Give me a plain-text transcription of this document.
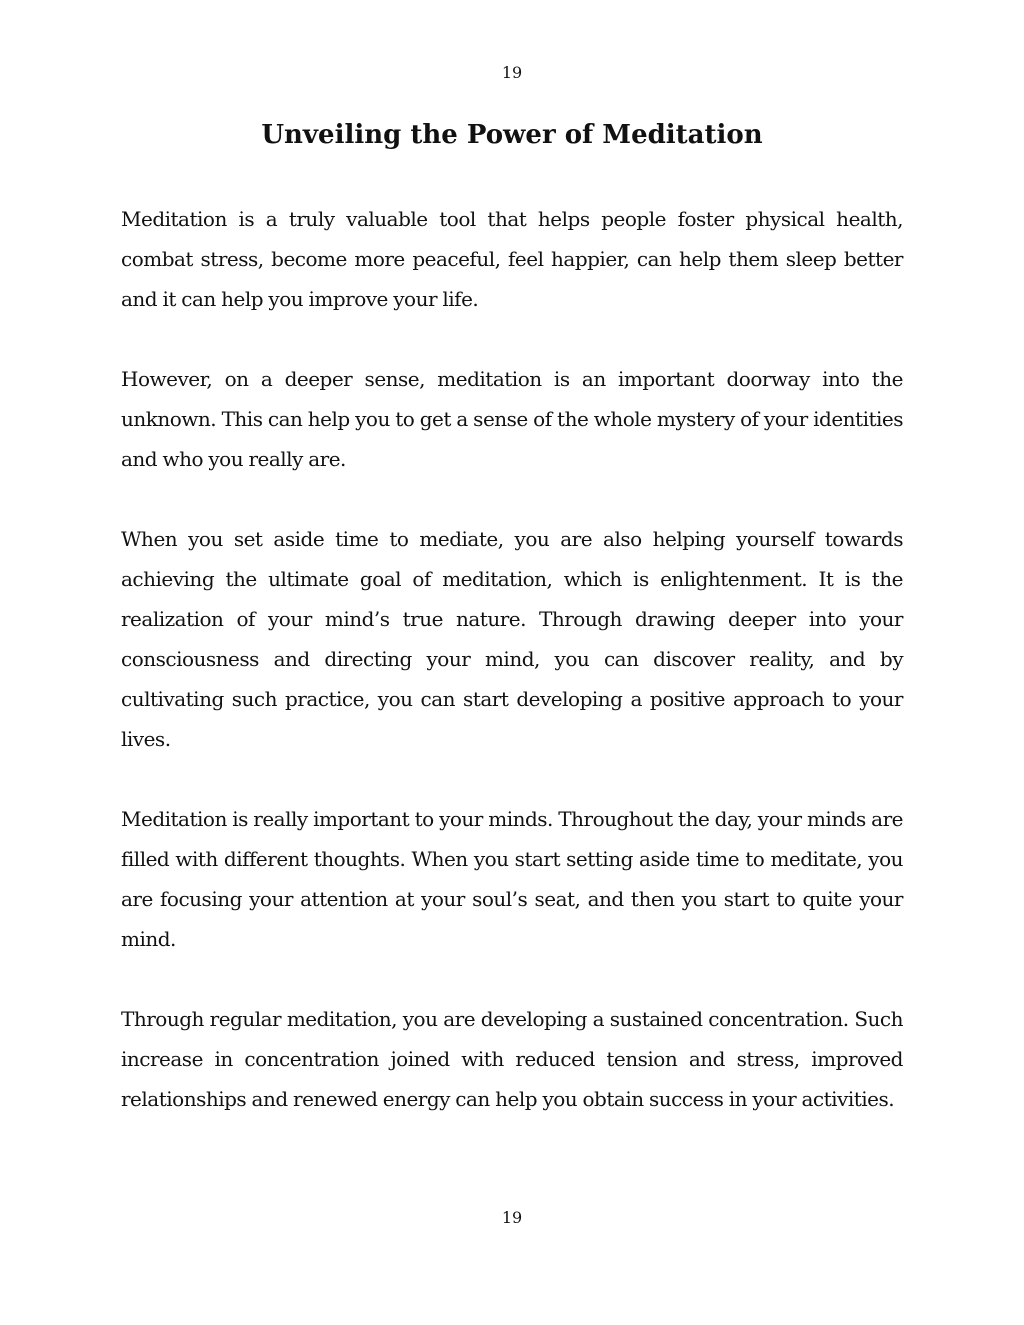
19
Unveiling the Power of Meditation

Meditation is a truly valuable tool that helps people foster physical health, combat stress, become more peaceful, feel happier, can help them sleep better and it can help you improve your life.

However, on a deeper sense, meditation is an important doorway into the unknown. This can help you to get a sense of the whole mystery of your identities and who you really are.

When you set aside time to mediate, you are also helping yourself towards achieving the ultimate goal of meditation, which is enlightenment. It is the realization of your mind’s true nature. Through drawing deeper into your consciousness and directing your mind, you can discover reality, and by cultivating such practice, you can start developing a positive approach to your lives.

Meditation is really important to your minds. Throughout the day, your minds are filled with different thoughts. When you start setting aside time to meditate, you are focusing your attention at your soul’s seat, and then you start to quite your mind.

Through regular meditation, you are developing a sustained concentration. Such increase in concentration joined with reduced tension and stress, improved relationships and renewed energy can help you obtain success in your activities.

19
